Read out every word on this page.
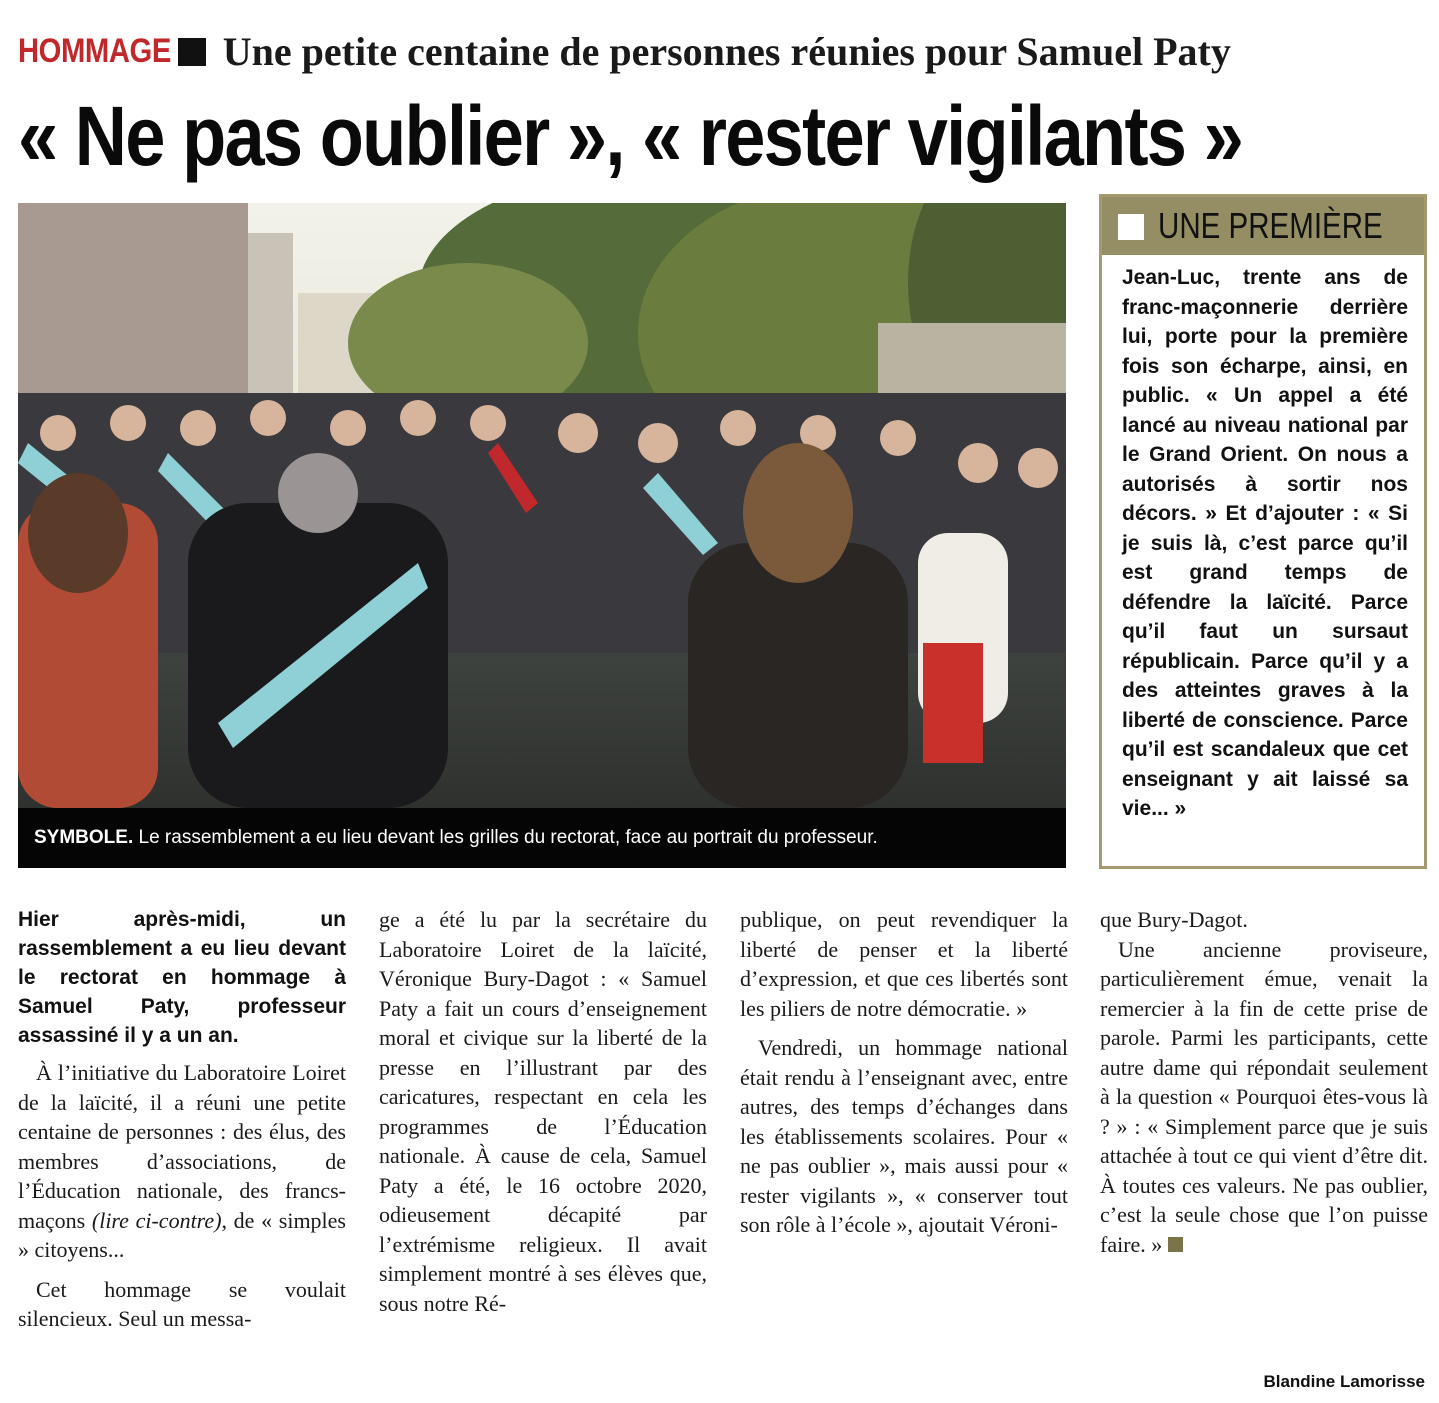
HOMMAGE Une petite centaine de personnes réunies pour Samuel Paty
« Ne pas oublier », « rester vigilants »
SYMBOLE. Le rassemblement a eu lieu devant les grilles du rectorat, face au portrait du professeur.
UNE PREMIÈRE
Jean-Luc, trente ans de franc-maçonnerie derrière lui, porte pour la première fois son écharpe, ainsi, en public. « Un appel a été lancé au niveau national par le Grand Orient. On nous a autorisés à sortir nos décors. » Et d’ajouter : « Si je suis là, c’est parce qu’il est grand temps de défendre la laïcité. Parce qu’il faut un sursaut républicain. Parce qu’il y a des atteintes graves à la liberté de conscience. Parce qu’il est scandaleux que cet enseignant y ait laissé sa vie... »

Hier après-midi, un rassemblement a eu lieu devant le rectorat en hommage à Samuel Paty, professeur assassiné il y a un an.

À l’initiative du Laboratoire Loiret de la laïcité, il a réuni une petite centaine de personnes : des élus, des membres d’associations, de l’Éducation nationale, des francs-maçons (lire ci-contre), de « simples » citoyens...

Cet hommage se voulait silencieux. Seul un messa-

ge a été lu par la secrétaire du Laboratoire Loiret de la laïcité, Véronique Bury-Dagot : « Samuel Paty a fait un cours d’enseignement moral et civique sur la liberté de la presse en l’illustrant par des caricatures, respectant en cela les programmes de l’Éducation nationale. À cause de cela, Samuel Paty a été, le 16 octobre 2020, odieusement décapité par l’extrémisme religieux. Il avait simplement montré à ses élèves que, sous notre Ré-

publique, on peut revendiquer la liberté de penser et la liberté d’expression, et que ces libertés sont les piliers de notre démocratie. »

Vendredi, un hommage national était rendu à l’enseignant avec, entre autres, des temps d’échanges dans les établissements scolaires. Pour « ne pas oublier », mais aussi pour « rester vigilants », « conserver tout son rôle à l’école », ajoutait Véroni-

que Bury-Dagot.

Une ancienne proviseure, particulièrement émue, venait la remercier à la fin de cette prise de parole. Parmi les participants, cette autre dame qui répondait seulement à la question « Pourquoi êtes-vous là ? » : « Simplement parce que je suis attachée à tout ce qui vient d’être dit. À toutes ces valeurs. Ne pas oublier, c’est la seule chose que l’on puisse faire. »

Blandine Lamorisse
